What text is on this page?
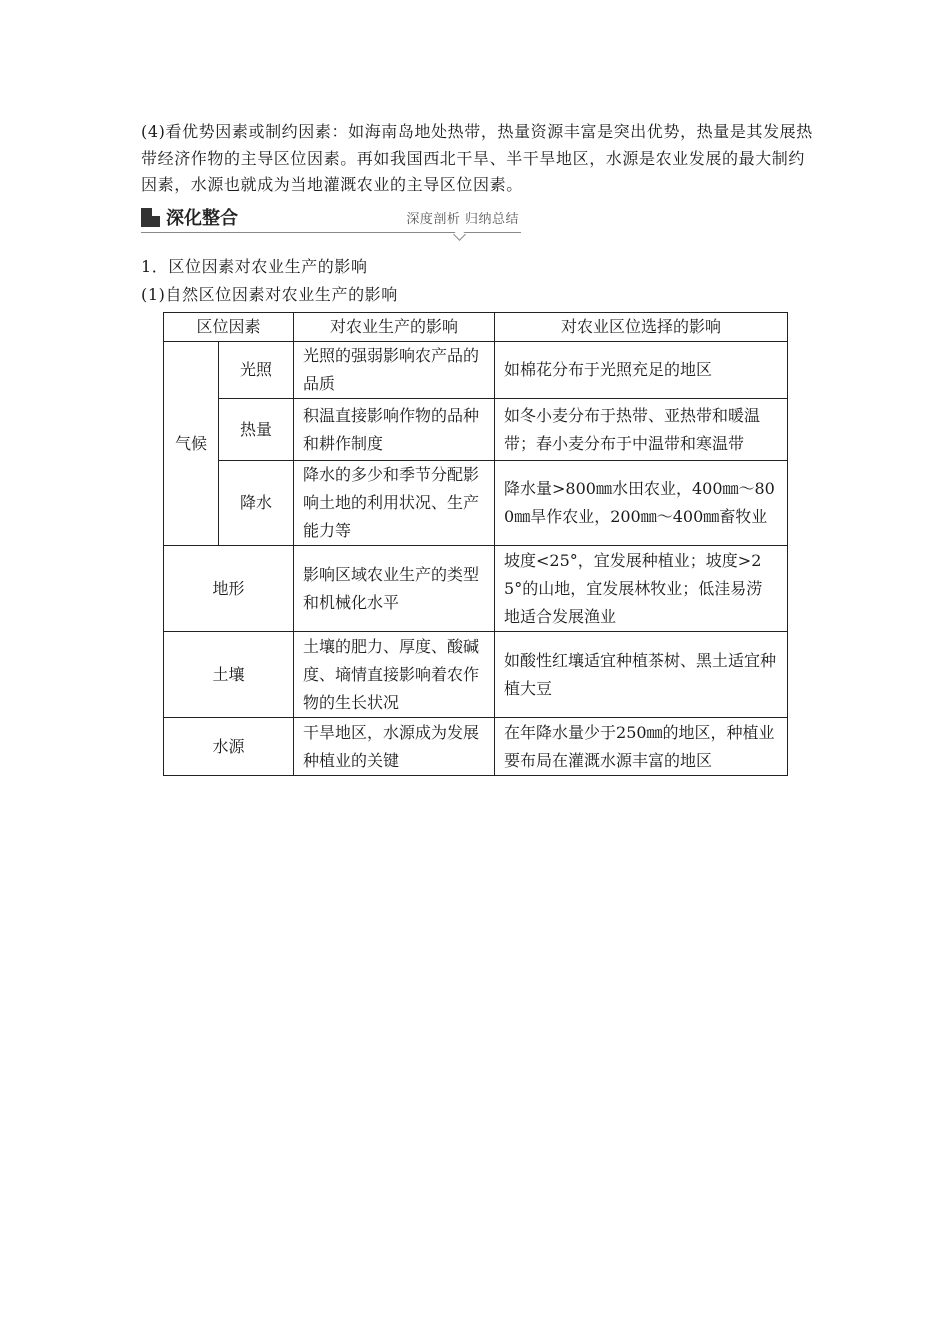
(4)看优势因素或制约因素：如海南岛地处热带，热量资源丰富是突出优势，热量是其发展热带经济作物的主导区位因素。再如我国西北干旱、半干旱地区，水源是农业发展的最大制约因素，水源也就成为当地灌溉农业的主导区位因素。
深化整合	深度剖析 归纳总结
1．区位因素对农业生产的影响
(1)自然区位因素对农业生产的影响
区位因素		对农业生产的影响	对农业区位选择的影响
气候	光照	光照的强弱影响农产品的品质	如棉花分布于光照充足的地区
	热量	积温直接影响作物的品种和耕作制度	如冬小麦分布于热带、亚热带和暖温带；春小麦分布于中温带和寒温带
	降水	降水的多少和季节分配影响土地的利用状况、生产能力等	降水量>800㎜水田农业，400㎜～800㎜旱作农业，200㎜～400㎜畜牧业
地形		影响区域农业生产的类型和机械化水平	坡度<25°，宜发展种植业；坡度>25°的山地，宜发展林牧业；低洼易涝地适合发展渔业
土壤		土壤的肥力、厚度、酸碱度、墒情直接影响着农作物的生长状况	如酸性红壤适宜种植茶树、黑土适宜种植大豆
水源		干旱地区，水源成为发展种植业的关键	在年降水量少于250㎜的地区，种植业要布局在灌溉水源丰富的地区
